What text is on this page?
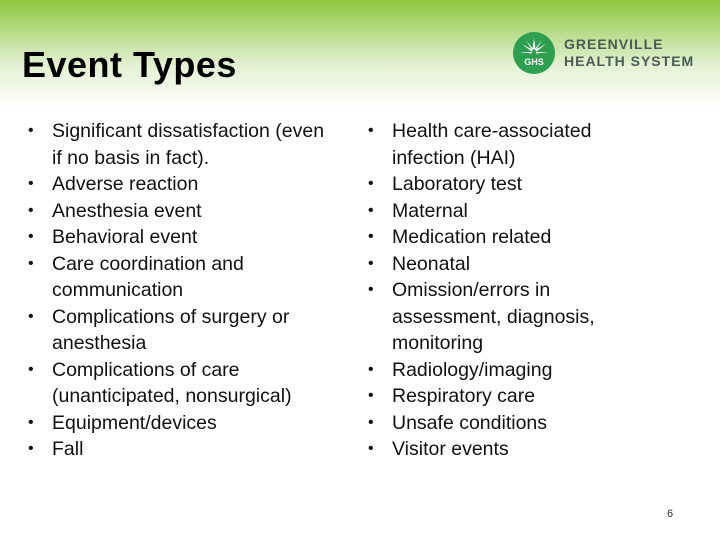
Event Types	GHS
GREENVILLE
HEALTH SYSTEM
• Significant dissatisfaction (even if no basis in fact).
• Adverse reaction
• Anesthesia event
• Behavioral event
• Care coordination and communication
• Complications of surgery or anesthesia
• Complications of care (unanticipated, nonsurgical)
• Equipment/devices
• Fall
• Health care-associated infection (HAI)
• Laboratory test
• Maternal
• Medication related
• Neonatal
• Omission/errors in assessment, diagnosis, monitoring
• Radiology/imaging
• Respiratory care
• Unsafe conditions
• Visitor events
6
